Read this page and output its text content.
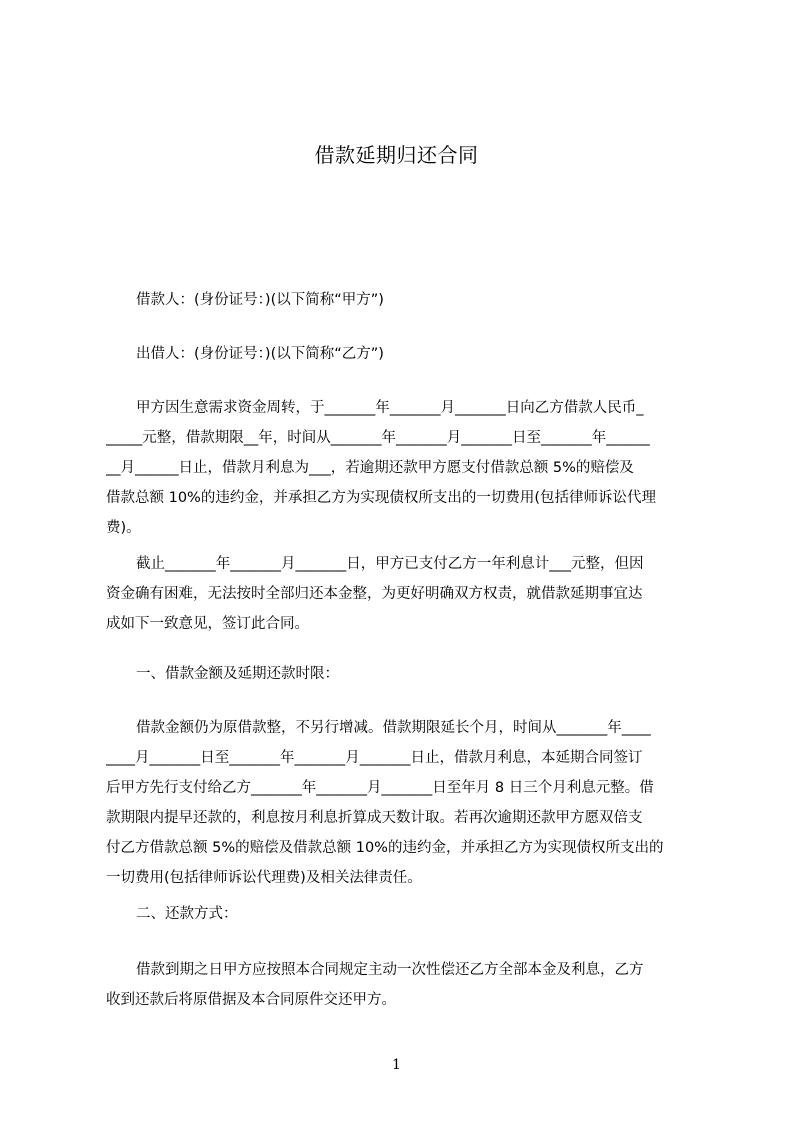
借款延期归还合同
借款人：(身份证号：)(以下简称“甲方”)
出借人：(身份证号：)(以下简称“乙方”)
甲方因生意需求资金周转，于_______年_______月_______日向乙方借款人民币_
_____元整，借款期限__年，时间从_______年_______月_______日至_______年______
__月______日止，借款月利息为___，若逾期还款甲方愿支付借款总额 5%的赔偿及
借款总额 10%的违约金，并承担乙方为实现债权所支出的一切费用(包括律师诉讼代理
费)。
截止_______年_______月_______日，甲方已支付乙方一年利息计___元整，但因
资金确有困难，无法按时全部归还本金整，为更好明确双方权责，就借款延期事宜达
成如下一致意见，签订此合同。
一、借款金额及延期还款时限：
借款金额仍为原借款整，不另行增减。借款期限延长个月，时间从_______年____
____月_______日至_______年_______月_______日止，借款月利息，本延期合同签订
后甲方先行支付给乙方_______年_______月_______日至年月 8 日三个月利息元整。借
款期限内提早还款的，利息按月利息折算成天数计取。若再次逾期还款甲方愿双倍支
付乙方借款总额 5%的赔偿及借款总额 10%的违约金，并承担乙方为实现债权所支出的
一切费用(包括律师诉讼代理费)及相关法律责任。
二、还款方式：
借款到期之日甲方应按照本合同规定主动一次性偿还乙方全部本金及利息，乙方
收到还款后将原借据及本合同原件交还甲方。
1
